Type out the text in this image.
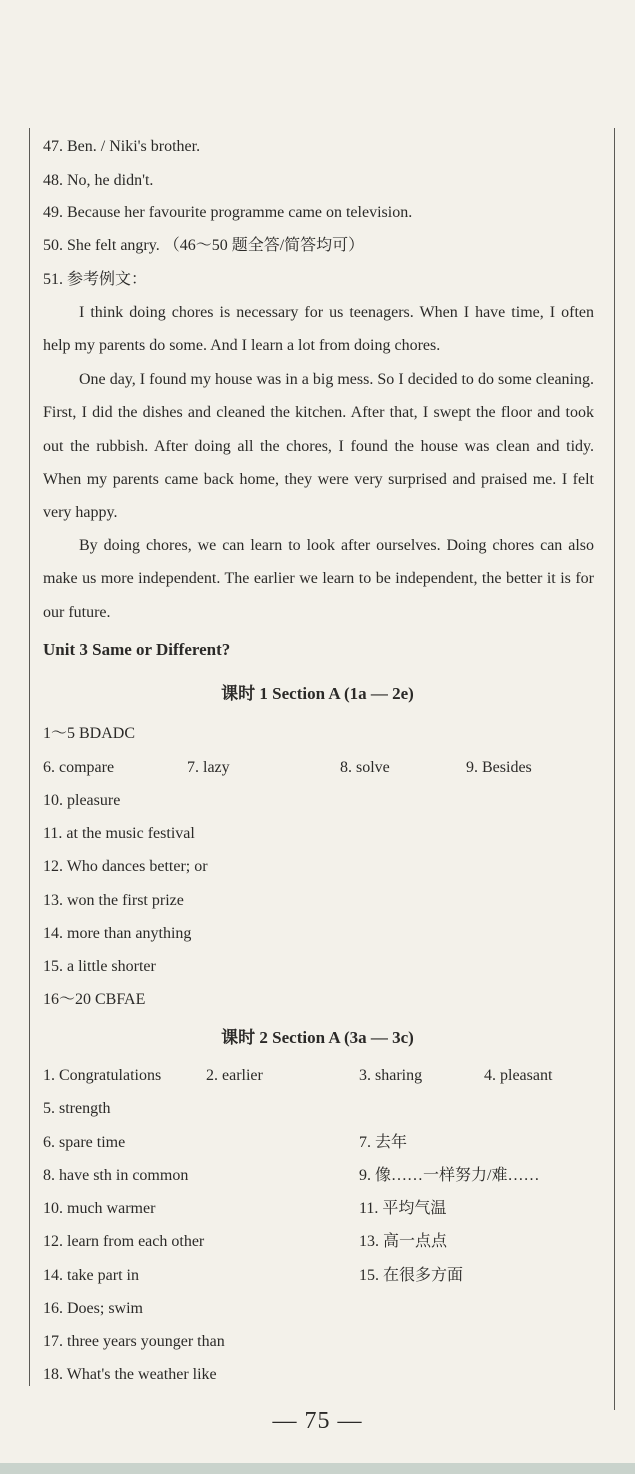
47. Ben. / Niki's brother.
48. No, he didn't.
49. Because her favourite programme came on television.
50. She felt angry. （46～50 题全答/简答均可）
51. 参考例文：
I think doing chores is necessary for us teenagers. When I have time, I often help my parents do some. And I learn a lot from doing chores.
One day, I found my house was in a big mess. So I decided to do some cleaning. First, I did the dishes and cleaned the kitchen. After that, I swept the floor and took out the rubbish. After doing all the chores, I found the house was clean and tidy. When my parents came back home, they were very surprised and praised me. I felt very happy.
By doing chores, we can learn to look after ourselves. Doing chores can also make us more independent. The earlier we learn to be independent, the better it is for our future.
Unit 3 Same or Different?
课时 1 Section A (1a — 2e)
1～5 BDADC
6. compare	7. lazy	8. solve	9. Besides
10. pleasure
11. at the music festival
12. Who dances better; or
13. won the first prize
14. more than anything
15. a little shorter
16～20 CBFAE
课时 2 Section A (3a — 3c)
1. Congratulations	2. earlier	3. sharing	4. pleasant
5. strength
6. spare time	7. 去年
8. have sth in common	9. 像……一样努力/难……
10. much warmer	11. 平均气温
12. learn from each other	13. 高一点点
14. take part in	15. 在很多方面
16. Does; swim
17. three years younger than
18. What's the weather like
— 75 —
